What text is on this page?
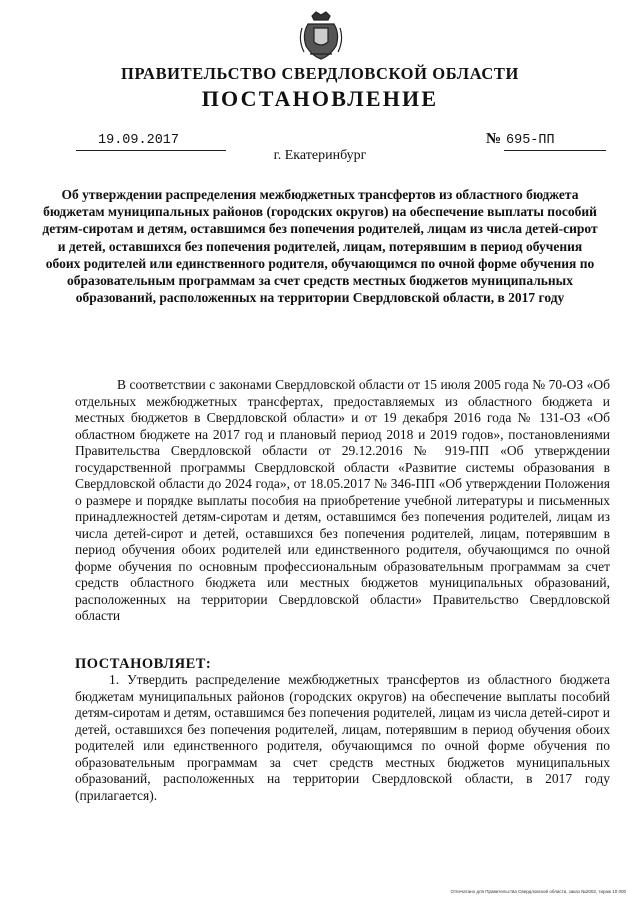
ПРАВИТЕЛЬСТВО СВЕРДЛОВСКОЙ ОБЛАСТИ
ПОСТАНОВЛЕНИЕ
19.09.2017	№ 695-ПП
г. Екатеринбург
Об утверждении распределения межбюджетных трансфертов из областного бюджета бюджетам муниципальных районов (городских округов) на обеспечение выплаты пособий детям-сиротам и детям, оставшимся без попечения родителей, лицам из числа детей-сирот и детей, оставшихся без попечения родителей, лицам, потерявшим в период обучения обоих родителей или единственного родителя, обучающимся по очной форме обучения по образовательным программам за счет средств местных бюджетов муниципальных образований, расположенных на территории Свердловской области, в 2017 году

В соответствии с законами Свердловской области от 15 июля 2005 года № 70-ОЗ «Об отдельных межбюджетных трансфертах, предоставляемых из областного бюджета и местных бюджетов в Свердловской области» и от 19 декабря 2016 года № 131-ОЗ «Об областном бюджете на 2017 год и плановый период 2018 и 2019 годов», постановлениями Правительства Свердловской области от 29.12.2016 № 919-ПП «Об утверждении государственной программы Свердловской области «Развитие системы образования в Свердловской области до 2024 года», от 18.05.2017 № 346-ПП «Об утверждении Положения о размере и порядке выплаты пособия на приобретение учебной литературы и письменных принадлежностей детям-сиротам и детям, оставшимся без попечения родителей, лицам из числа детей-сирот и детей, оставшихся без попечения родителей, лицам, потерявшим в период обучения обоих родителей или единственного родителя, обучающимся по очной форме обучения по основным профессиональным образовательным программам за счет средств областного бюджета или местных бюджетов муниципальных образований, расположенных на территории Свердловской области» Правительство Свердловской области

ПОСТАНОВЛЯЕТ:

1. Утвердить распределение межбюджетных трансфертов из областного бюджета бюджетам муниципальных районов (городских округов) на обеспечение выплаты пособий детям-сиротам и детям, оставшимся без попечения родителей, лицам из числа детей-сирот и детей, оставшихся без попечения родителей, лицам, потерявшим в период обучения обоих родителей или единственного родителя, обучающимся по очной форме обучения по образовательным программам за счет средств местных бюджетов муниципальных образований, расположенных на территории Свердловской области, в 2017 году (прилагается).

Отпечатано для Правительства Свердловской области, заказ №2002, тираж 10 000
